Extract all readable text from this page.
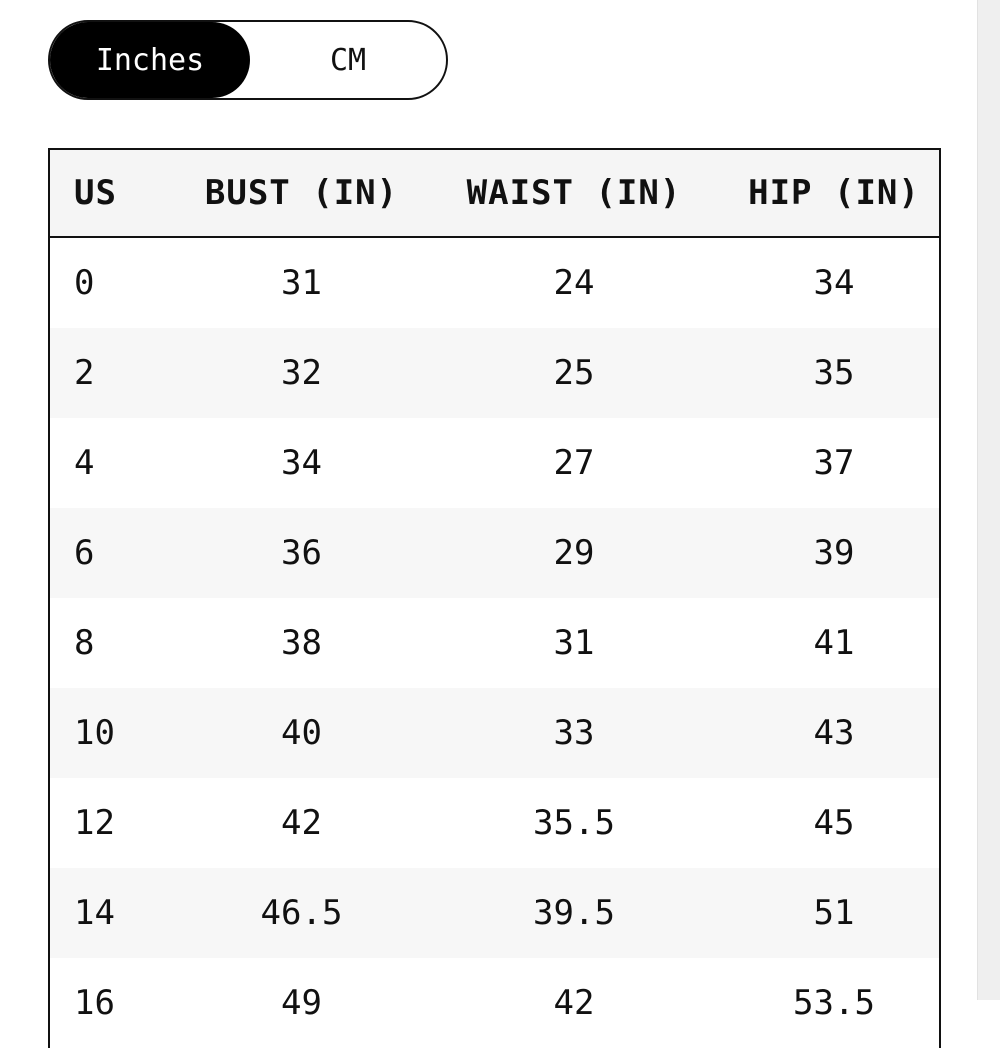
Inches	CM
US	BUST (IN)	WAIST (IN)	HIP (IN)
0	31	24	34
2	32	25	35
4	34	27	37
6	36	29	39
8	38	31	41
10	40	33	43
12	42	35.5	45
14	46.5	39.5	51
16	49	42	53.5
